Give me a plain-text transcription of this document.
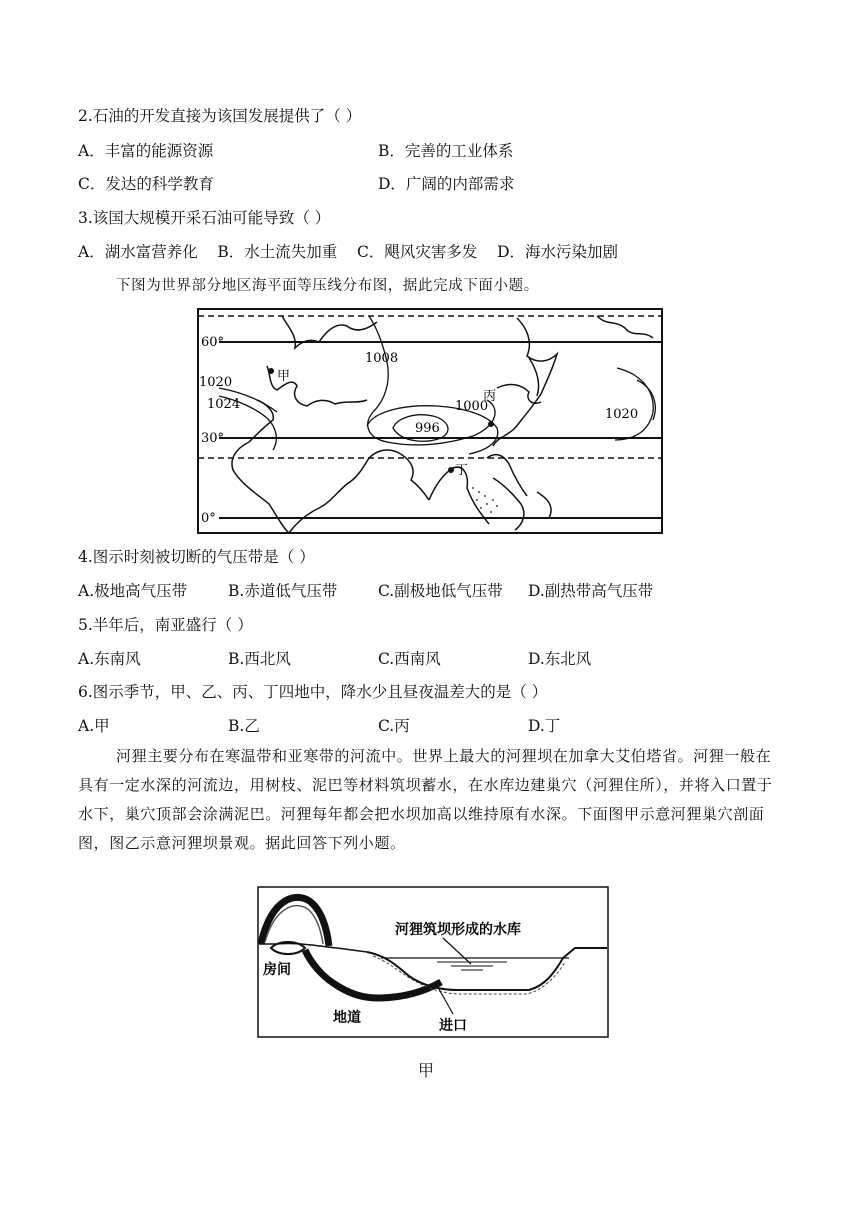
2.石油的开发直接为该国发展提供了（ ）
A．丰富的能源资源	B．完善的工业体系
C．发达的科学教育	D．广阔的内部需求
3.该国大规模开采石油可能导致（ ）
A．湖水富营养化    B．水土流失加重    C．飓风灾害多发    D．海水污染加剧
下图为世界部分地区海平面等压线分布图，据此完成下面小题。
60°
30°
0°
1020
1024
1008
1000
996
1020
甲
丙
丁
4.图示时刻被切断的气压带是（ ）
A.极地高气压带	B.赤道低气压带	C.副极地低气压带 D.副热带高气压带
5.半年后，南亚盛行（ ）
A.东南风	B.西北风	C.西南风	D.东北风
6.图示季节，甲、乙、丙、丁四地中，降水少且昼夜温差大的是（ ）
A.甲	B.乙	C.丙	D.丁
河狸主要分布在寒温带和亚寒带的河流中。世界上最大的河狸坝在加拿大艾伯塔省。河狸一般在具有一定水深的河流边，用树枝、泥巴等材料筑坝蓄水，在水库边建巢穴（河狸住所），并将入口置于水下，巢穴顶部会涂满泥巴。河狸每年都会把水坝加高以维持原有水深。下面图甲示意河狸巢穴剖面图，图乙示意河狸坝景观。据此回答下列小题。
河狸筑坝形成的水库
房间
地道	进口
甲
